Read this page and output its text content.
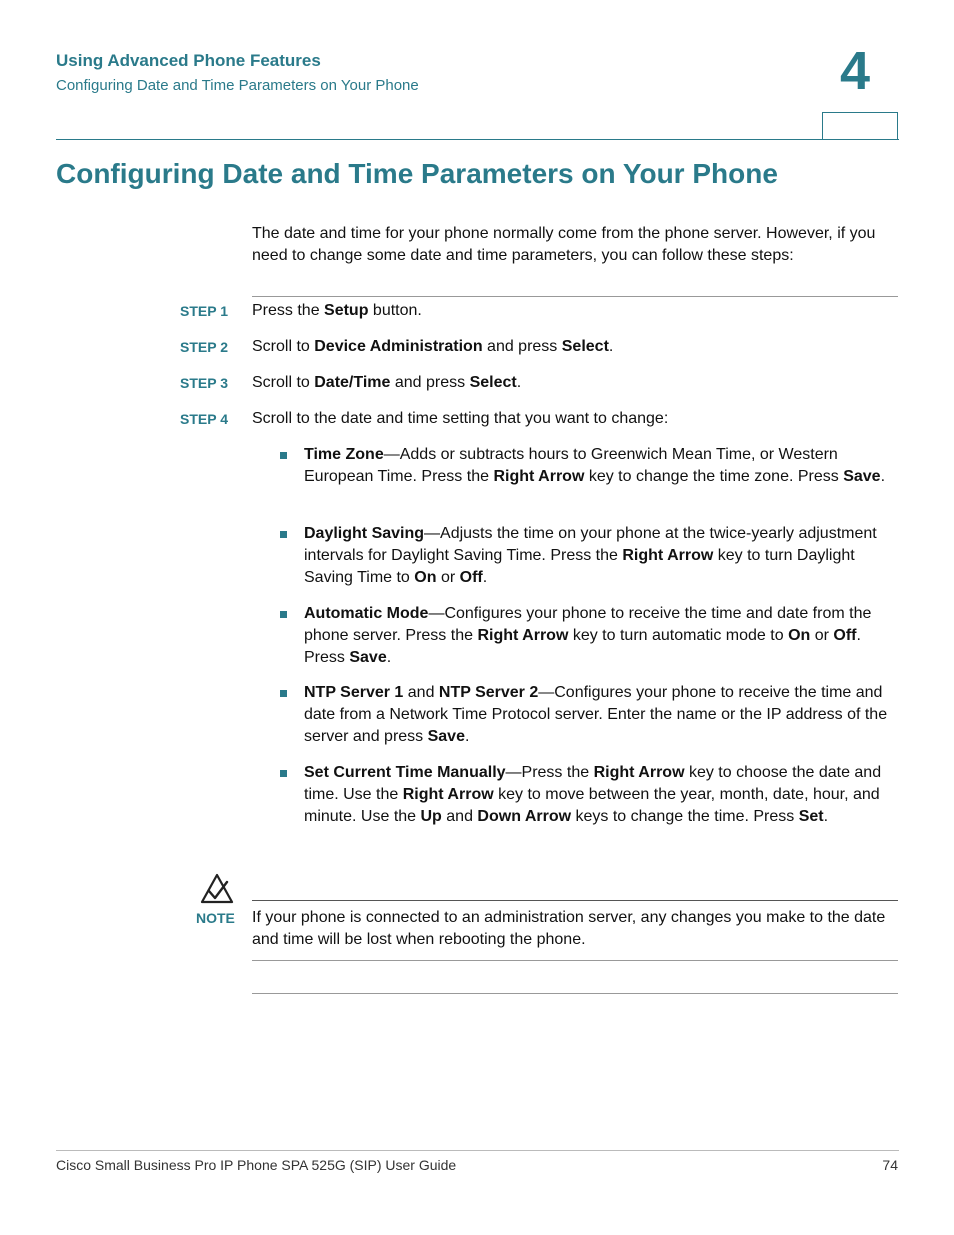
Using Advanced Phone Features
Configuring Date and Time Parameters on Your Phone	4
Configuring Date and Time Parameters on Your Phone
The date and time for your phone normally come from the phone server. However, if you need to change some date and time parameters, you can follow these steps:
STEP 1 Press the Setup button.
STEP 2 Scroll to Device Administration and press Select.
STEP 3 Scroll to Date/Time and press Select.
STEP 4 Scroll to the date and time setting that you want to change:
Time Zone—Adds or subtracts hours to Greenwich Mean Time, or Western European Time. Press the Right Arrow key to change the time zone. Press Save.
Daylight Saving—Adjusts the time on your phone at the twice-yearly adjustment intervals for Daylight Saving Time. Press the Right Arrow key to turn Daylight Saving Time to On or Off.
Automatic Mode—Configures your phone to receive the time and date from the phone server. Press the Right Arrow key to turn automatic mode to On or Off. Press Save.
NTP Server 1 and NTP Server 2—Configures your phone to receive the time and date from a Network Time Protocol server. Enter the name or the IP address of the server and press Save.
Set Current Time Manually—Press the Right Arrow key to choose the date and time. Use the Right Arrow key to move between the year, month, date, hour, and minute. Use the Up and Down Arrow keys to change the time. Press Set.
NOTE If your phone is connected to an administration server, any changes you make to the date and time will be lost when rebooting the phone.
Cisco Small Business Pro IP Phone SPA 525G (SIP) User Guide	74
